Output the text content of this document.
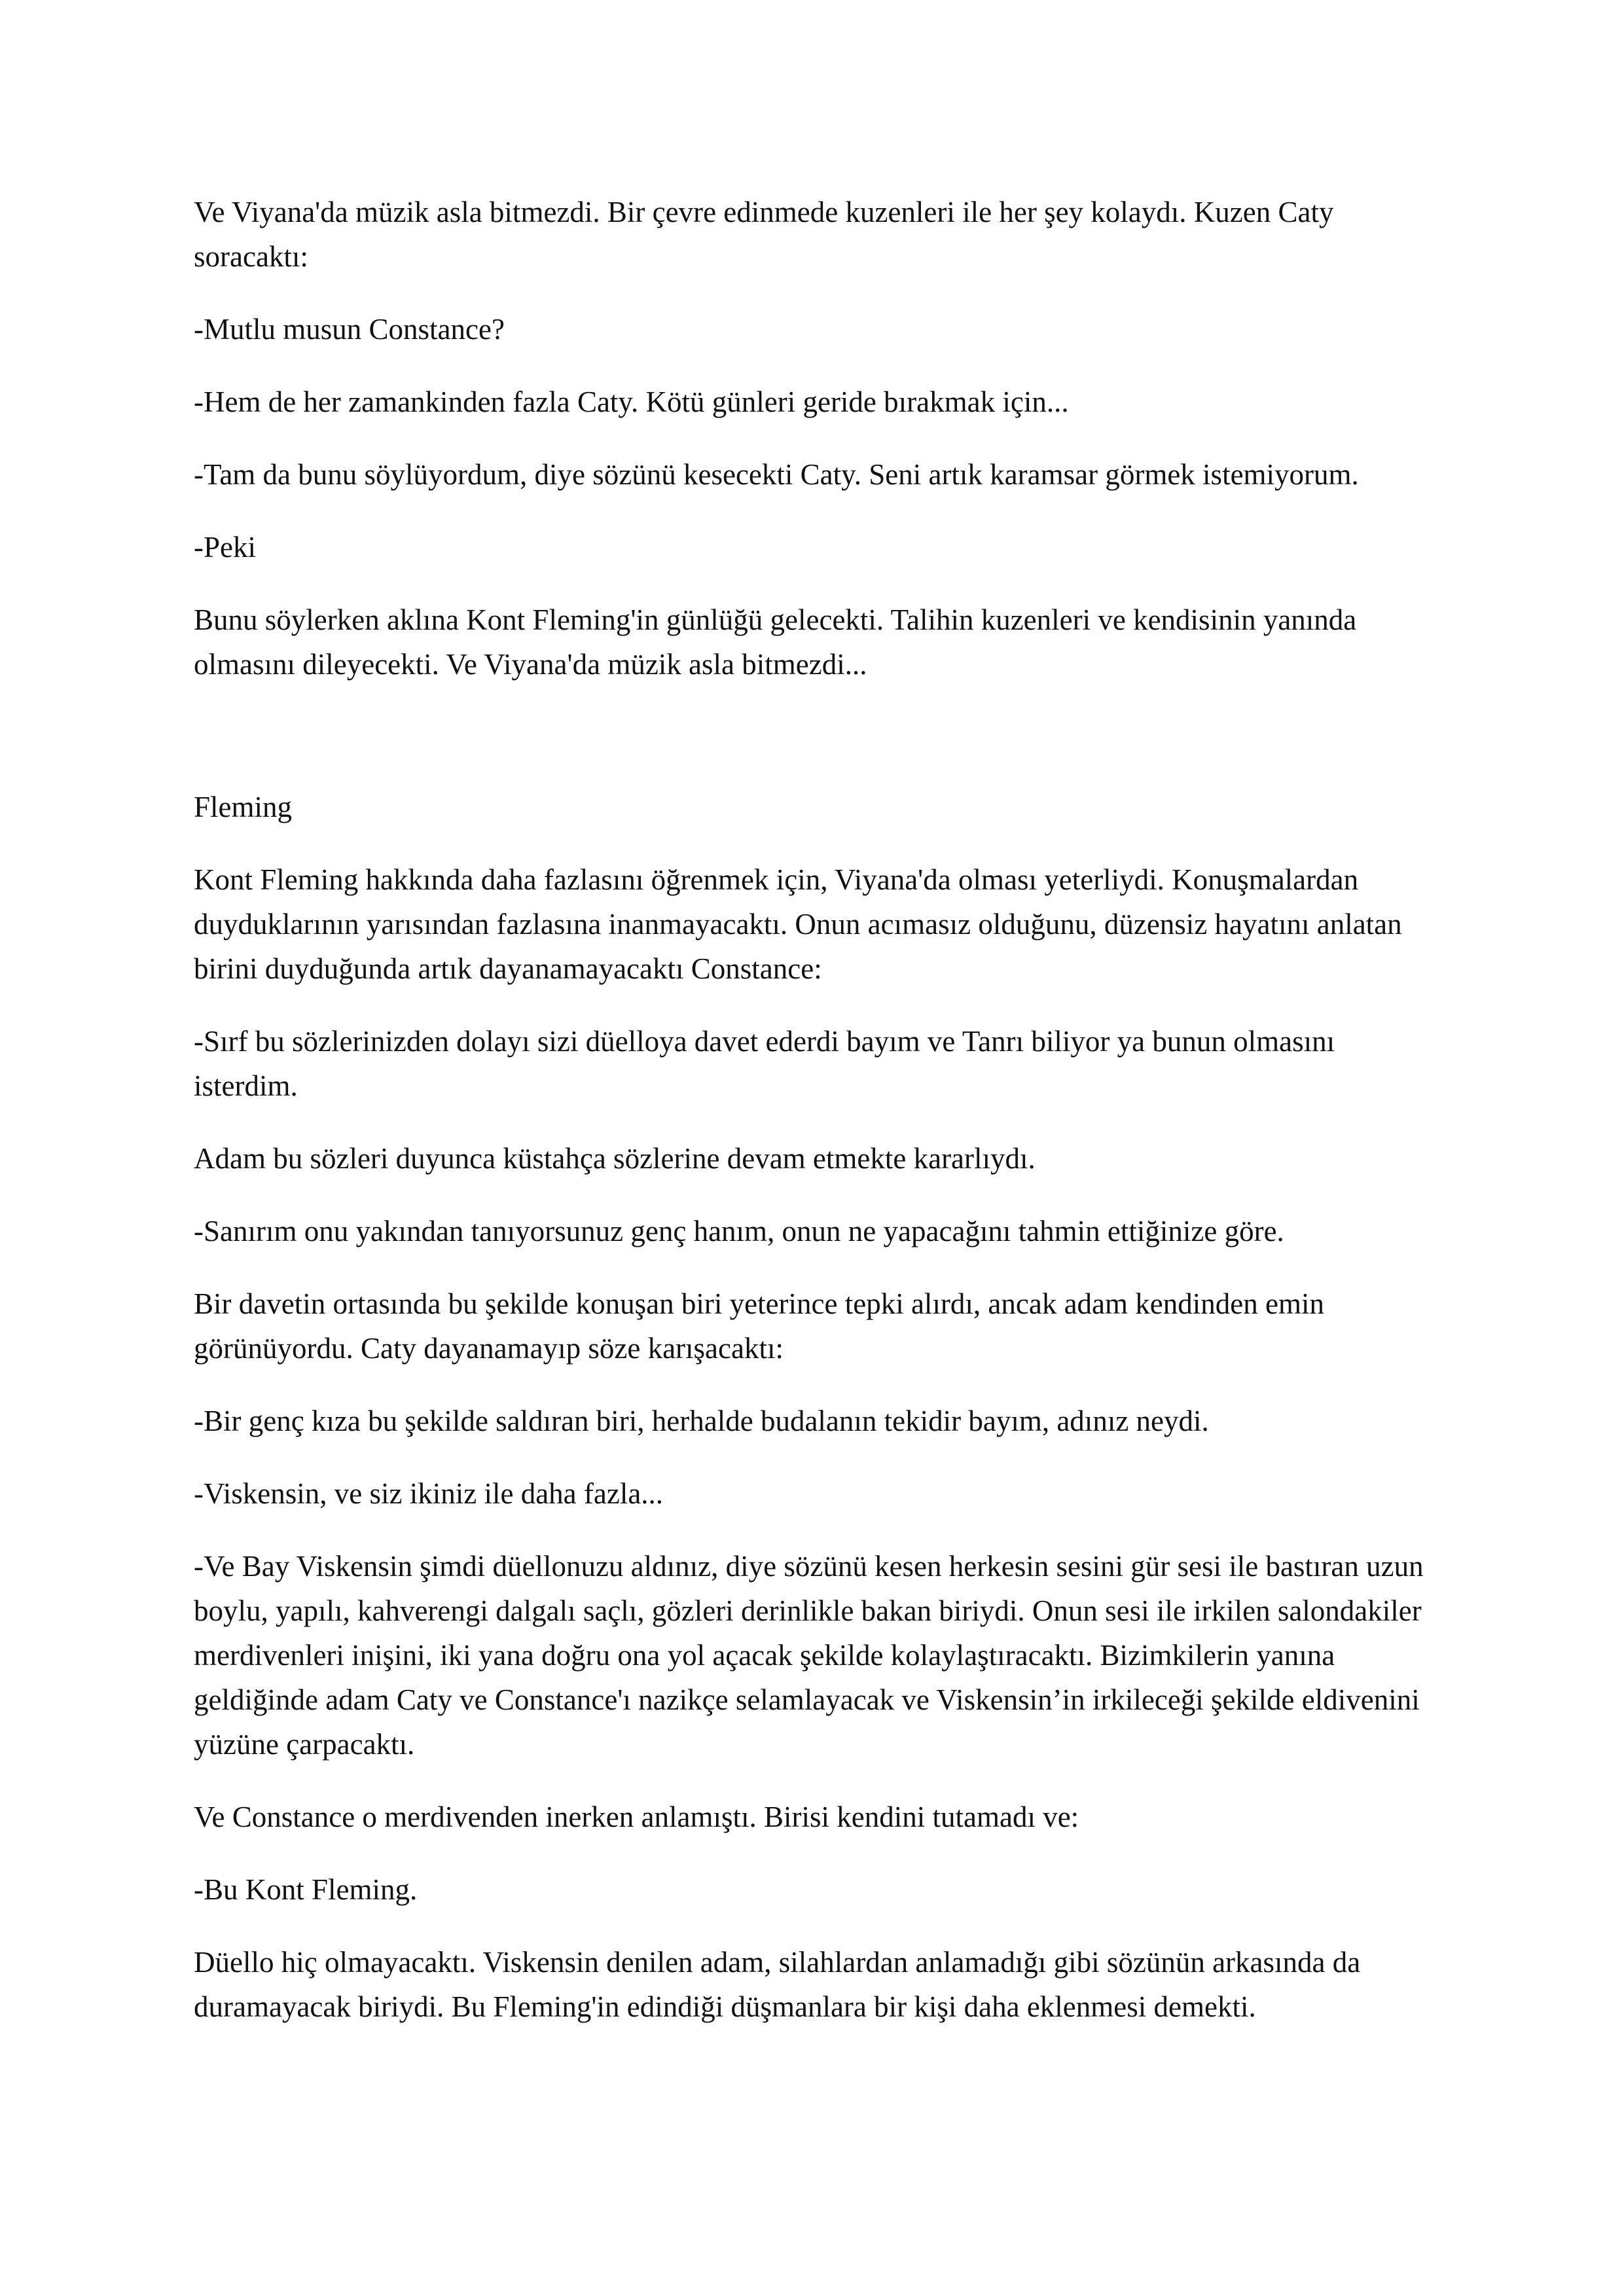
Ve Viyana'da müzik asla bitmezdi. Bir çevre edinmede kuzenleri ile her şey kolaydı. Kuzen Caty soracaktı:

-Mutlu musun Constance?

-Hem de her zamankinden fazla Caty. Kötü günleri geride bırakmak için...

-Tam da bunu söylüyordum, diye sözünü kesecekti Caty. Seni artık karamsar görmek istemiyorum.

-Peki

Bunu söylerken aklına Kont Fleming'in günlüğü gelecekti. Talihin kuzenleri ve kendisinin yanında olmasını dileyecekti. Ve Viyana'da müzik asla bitmezdi...

Fleming

Kont Fleming hakkında daha fazlasını öğrenmek için, Viyana'da olması yeterliydi. Konuşmalardan duyduklarının yarısından fazlasına inanmayacaktı. Onun acımasız olduğunu, düzensiz hayatını anlatan birini duyduğunda artık dayanamayacaktı Constance:

-Sırf bu sözlerinizden dolayı sizi düelloya davet ederdi bayım ve Tanrı biliyor ya bunun olmasını isterdim.

Adam bu sözleri duyunca küstahça sözlerine devam etmekte kararlıydı.

-Sanırım onu yakından tanıyorsunuz genç hanım, onun ne yapacağını tahmin ettiğinize göre.

Bir davetin ortasında bu şekilde konuşan biri yeterince tepki alırdı, ancak adam kendinden emin görünüyordu. Caty dayanamayıp söze karışacaktı:

-Bir genç kıza bu şekilde saldıran biri, herhalde budalanın tekidir bayım, adınız neydi.

-Viskensin, ve siz ikiniz ile daha fazla...

-Ve Bay Viskensin şimdi düellonuzu aldınız, diye sözünü kesen herkesin sesini gür sesi ile bastıran uzun boylu, yapılı, kahverengi dalgalı saçlı, gözleri derinlikle bakan biriydi. Onun sesi ile irkilen salondakiler merdivenleri inişini, iki yana doğru ona yol açacak şekilde kolaylaştıracaktı. Bizimkilerin yanına geldiğinde adam Caty ve Constance'ı nazikçe selamlayacak ve Viskensin’in irkileceği şekilde eldivenini yüzüne çarpacaktı.

Ve Constance o merdivenden inerken anlamıştı. Birisi kendini tutamadı ve:

-Bu Kont Fleming.

Düello hiç olmayacaktı. Viskensin denilen adam, silahlardan anlamadığı gibi sözünün arkasında da duramayacak biriydi. Bu Fleming'in edindiği düşmanlara bir kişi daha eklenmesi demekti.
